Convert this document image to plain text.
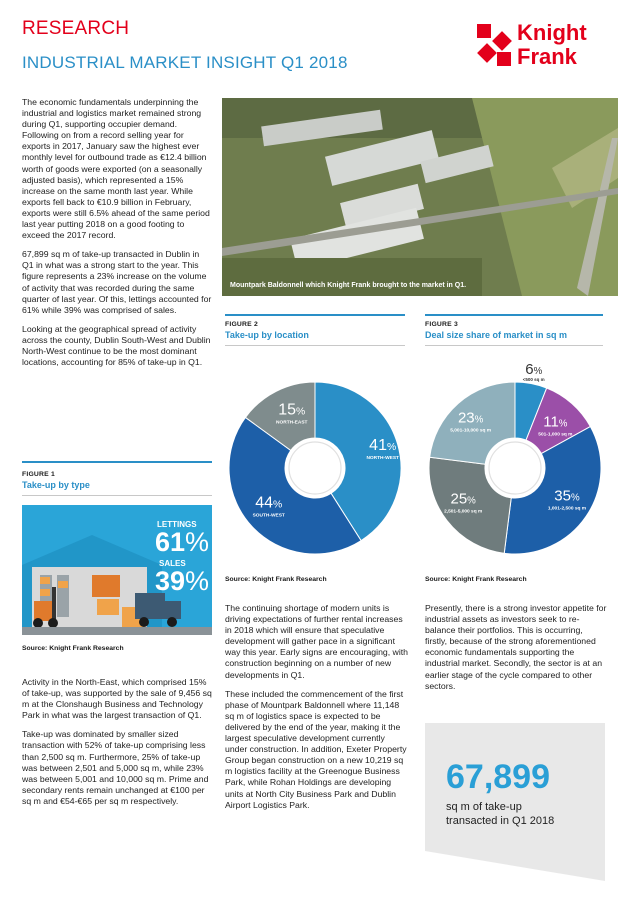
RESEARCH
INDUSTRIAL MARKET INSIGHT Q1 2018
Knight
Frank

The economic fundamentals underpinning the industrial and logistics market remained strong during Q1, supporting occupier demand. Following on from a record selling year for exports in 2017, January saw the highest ever monthly level for outbound trade as €12.4 billion worth of goods were exported (on a seasonally adjusted basis), which represented a 15% increase on the same month last year. While exports fell back to €10.9 billion in February, exports were still 6.5% ahead of the same period last year putting 2018 on a good footing to exceed the 2017 record.

67,899 sq m of take-up transacted in Dublin in Q1 in what was a strong start to the year. This figure represents a 23% increase on the volume of activity that was recorded during the same quarter of last year. Of this, lettings accounted for 61% while 39% was comprised of sales.

Looking at the geographical spread of activity across the county, Dublin South-West and Dublin North-West continue to be the most dominant locations, accounting for 85% of take-up in Q1.

FIGURE 1
Take-up by type
LETTINGS
61%
SALES
39%
Source: Knight Frank Research

Activity in the North-East, which comprised 15% of take-up, was supported by the sale of 9,456 sq m at the Clonshaugh Business and Technology Park in what was the largest transaction of Q1.

Take-up was dominated by smaller sized transaction with 52% of take-up comprising less than 2,500 sq m. Furthermore, 25% of take-up was between 2,501 and 5,000 sq m, while 23% was between 5,001 and 10,000 sq m. Prime and secondary rents remain unchanged at €100 per sq m and €54-€65 per sq m respectively.

Mountpark Baldonnell which Knight Frank brought to the market in Q1.
FIGURE 2
Take-up by location
41%
NORTH-WEST
44%
SOUTH-WEST
15%
NORTH-EAST
Source: Knight Frank Research
FIGURE 3
Deal size share of market in sq m
6%
<500 sq m
11%
501-1,000 sq m
35%
1,001-2,500 sq m
25%
2,501-5,000 sq m
23%
5,001-10,000 sq m
Source: Knight Frank Research

The continuing shortage of modern units is driving expectations of further rental increases in 2018 which will ensure that speculative development will gather pace in a significant way this year. Early signs are encouraging, with construction beginning on a number of new developments in Q1.

These included the commencement of the first phase of Mountpark Baldonnell where 11,148 sq m of logistics space is expected to be delivered by the end of the year, making it the largest speculative development currently under construction. In addition, Exeter Property Group began construction on a new 10,219 sq m logistics facility at the Greenogue Business Park, while Rohan Holdings are developing units at North City Business Park and Dublin Airport Logistics Park.

Presently, there is a strong investor appetite for industrial assets as investors seek to re-balance their portfolios. This is occurring, firstly, because of the strong aforementioned economic fundamentals supporting the industrial market. Secondly, the sector is at an earlier stage of the cycle compared to other sectors.

67,899
sq m of take-up
transacted in Q1 2018
